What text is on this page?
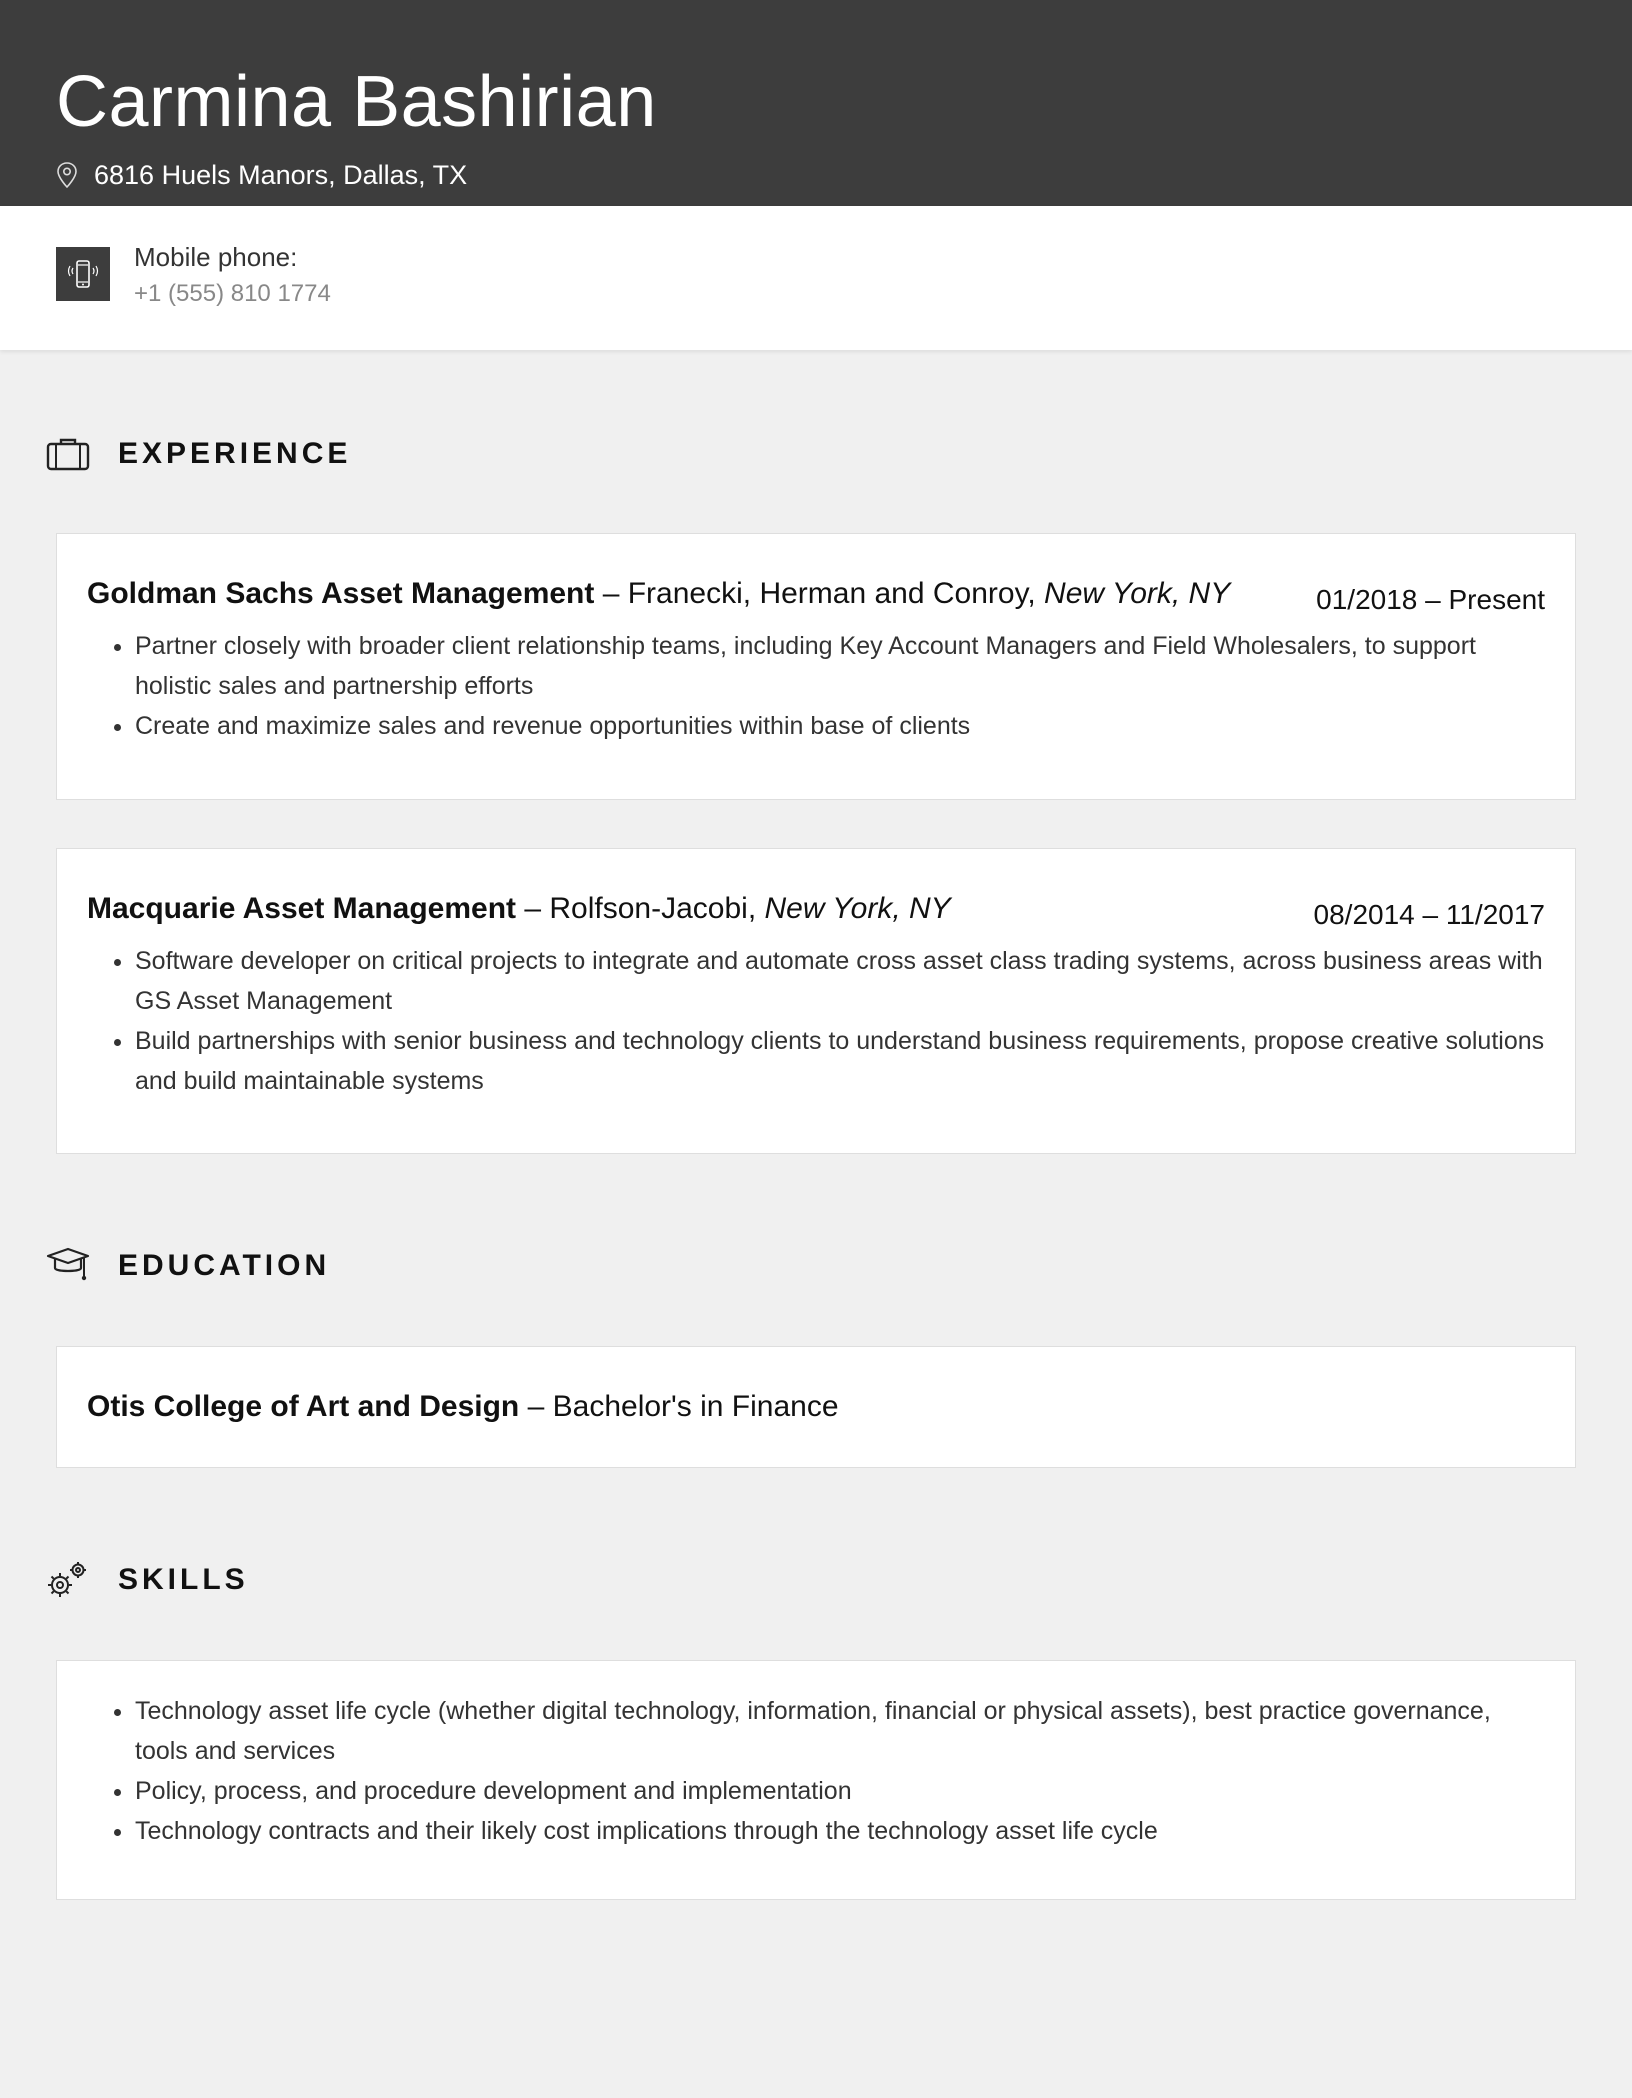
Carmina Bashirian
6816 Huels Manors, Dallas, TX
Mobile phone:
+1 (555) 810 1774
EXPERIENCE
Goldman Sachs Asset Management – Franecki, Herman and Conroy, New York, NY	01/2018 – Present
• Partner closely with broader client relationship teams, including Key Account Managers and Field Wholesalers, to support holistic sales and partnership efforts
• Create and maximize sales and revenue opportunities within base of clients
Macquarie Asset Management – Rolfson-Jacobi, New York, NY	08/2014 – 11/2017
• Software developer on critical projects to integrate and automate cross asset class trading systems, across business areas with GS Asset Management
• Build partnerships with senior business and technology clients to understand business requirements, propose creative solutions and build maintainable systems
EDUCATION
Otis College of Art and Design – Bachelor's in Finance
SKILLS
• Technology asset life cycle (whether digital technology, information, financial or physical assets), best practice governance, tools and services
• Policy, process, and procedure development and implementation
• Technology contracts and their likely cost implications through the technology asset life cycle
